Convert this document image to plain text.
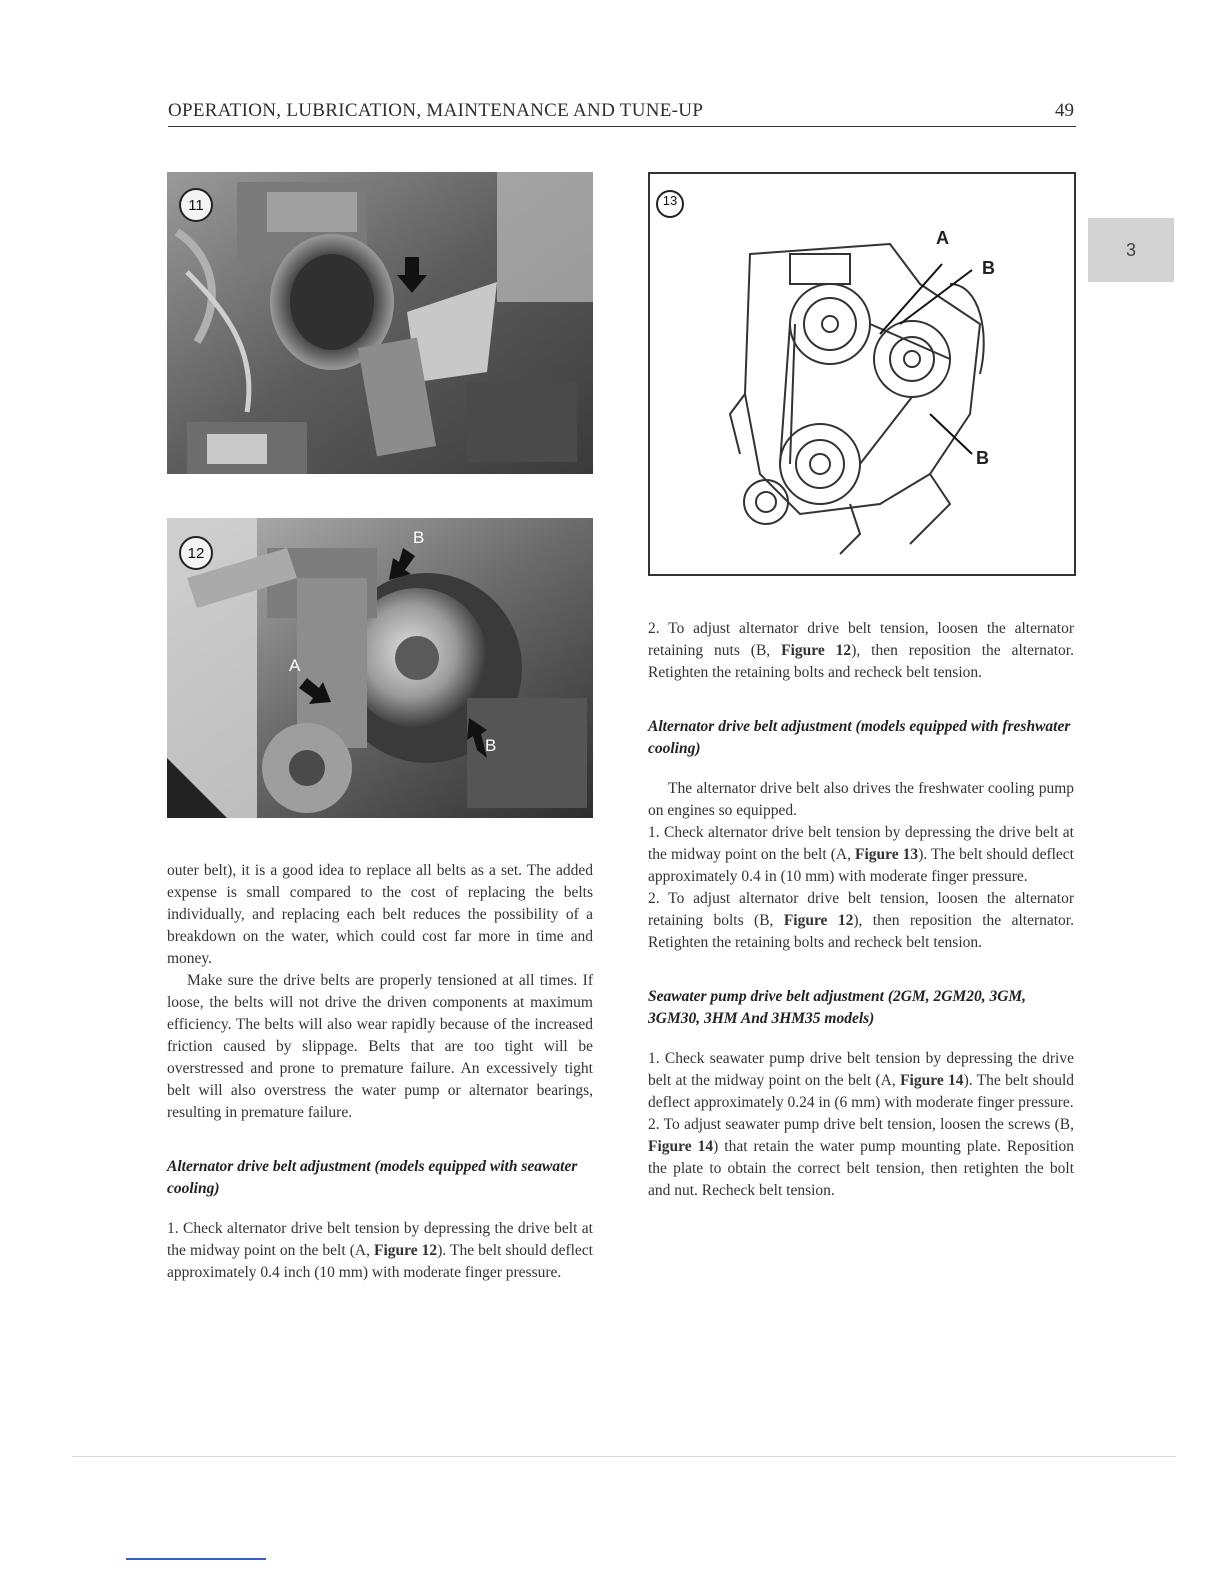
OPERATION, LUBRICATION, MAINTENANCE AND TUNE-UP	49
3
11
12
B
A
B
13
A
B
B

outer belt), it is a good idea to replace all belts as a set. The added expense is small compared to the cost of replacing the belts individually, and replacing each belt reduces the possibility of a breakdown on the water, which could cost far more in time and money.

Make sure the drive belts are properly tensioned at all times. If loose, the belts will not drive the driven components at maximum efficiency. The belts will also wear rapidly because of the increased friction caused by slippage. Belts that are too tight will be overstressed and prone to premature failure. An excessively tight belt will also overstress the water pump or alternator bearings, resulting in premature failure.

Alternator drive belt adjustment (models equipped with seawater cooling)

1. Check alternator drive belt tension by depressing the drive belt at the midway point on the belt (A, Figure 12). The belt should deflect approximately 0.4 inch (10 mm) with moderate finger pressure.

2. To adjust alternator drive belt tension, loosen the alternator retaining nuts (B, Figure 12), then reposition the alternator. Retighten the retaining bolts and recheck belt tension.

Alternator drive belt adjustment (models equipped with freshwater cooling)

The alternator drive belt also drives the freshwater cooling pump on engines so equipped.

1. Check alternator drive belt tension by depressing the drive belt at the midway point on the belt (A, Figure 13). The belt should deflect approximately 0.4 in (10 mm) with moderate finger pressure.

2. To adjust alternator drive belt tension, loosen the alternator retaining bolts (B, Figure 12), then reposition the alternator. Retighten the retaining bolts and recheck belt tension.

Seawater pump drive belt adjustment (2GM, 2GM20, 3GM, 3GM30, 3HM And 3HM35 models)

1. Check seawater pump drive belt tension by depressing the drive belt at the midway point on the belt (A, Figure 14). The belt should deflect approximately 0.24 in (6 mm) with moderate finger pressure.

2. To adjust seawater pump drive belt tension, loosen the screws (B, Figure 14) that retain the water pump mounting plate. Reposition the plate to obtain the correct belt tension, then retighten the bolt and nut. Recheck belt tension.
